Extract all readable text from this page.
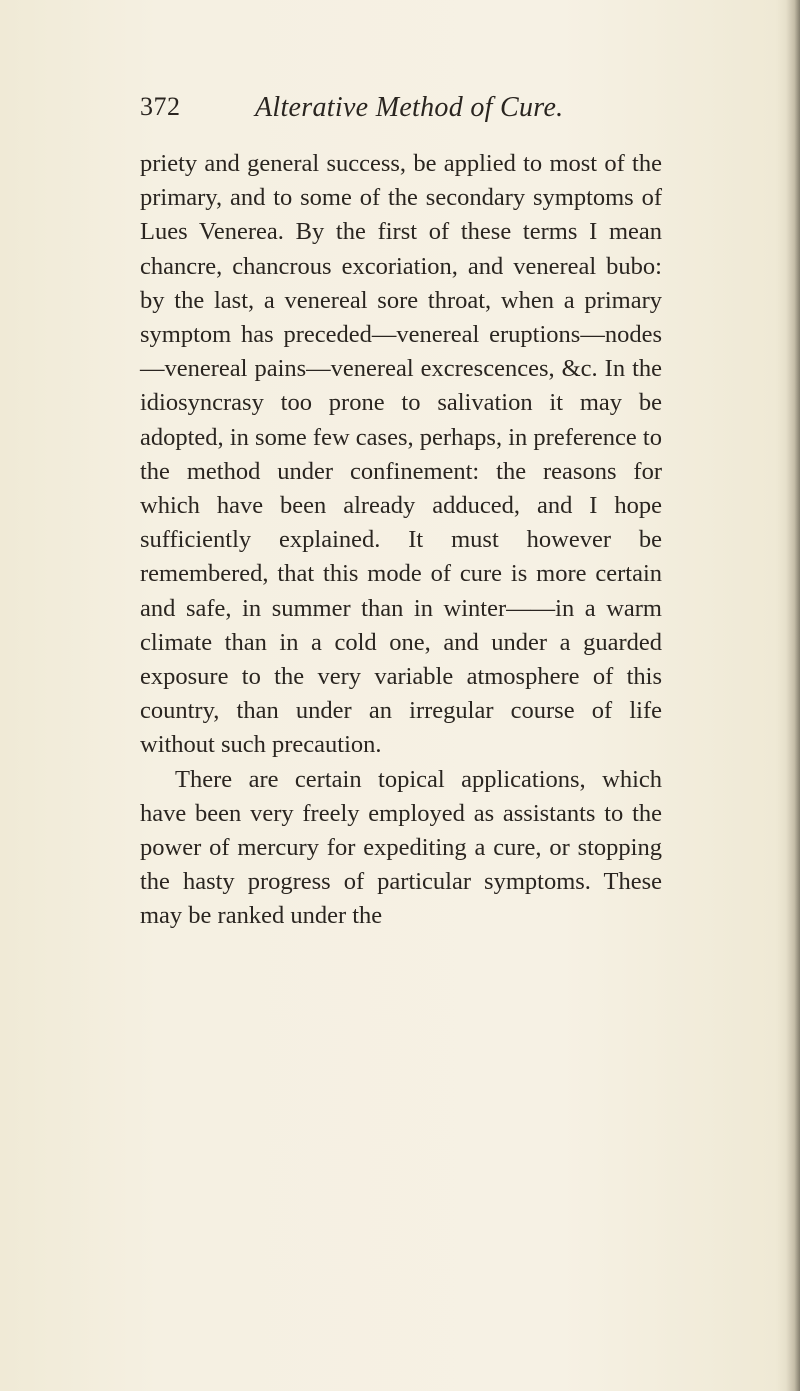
372	Alterative Method of Cure.

priety and general success, be applied to most of the primary, and to some of the secondary symptoms of Lues Venerea. By the first of these terms I mean chancre, chancrous excoriation, and venereal bubo: by the last, a venereal sore throat, when a primary symptom has preceded—venereal eruptions—nodes —venereal pains—venereal excrescences, &c. In the idiosyncrasy too prone to salivation it may be adopted, in some few cases, perhaps, in preference to the method under confinement: the reasons for which have been already adduced, and I hope sufficiently explained. It must however be remembered, that this mode of cure is more certain and safe, in summer than in winter——in a warm climate than in a cold one, and under a guarded exposure to the very variable atmosphere of this country, than under an irregular course of life without such precaution.

There are certain topical applications, which have been very freely employed as assistants to the power of mercury for expediting a cure, or stopping the hasty progress of particular symptoms. These may be ranked under the
